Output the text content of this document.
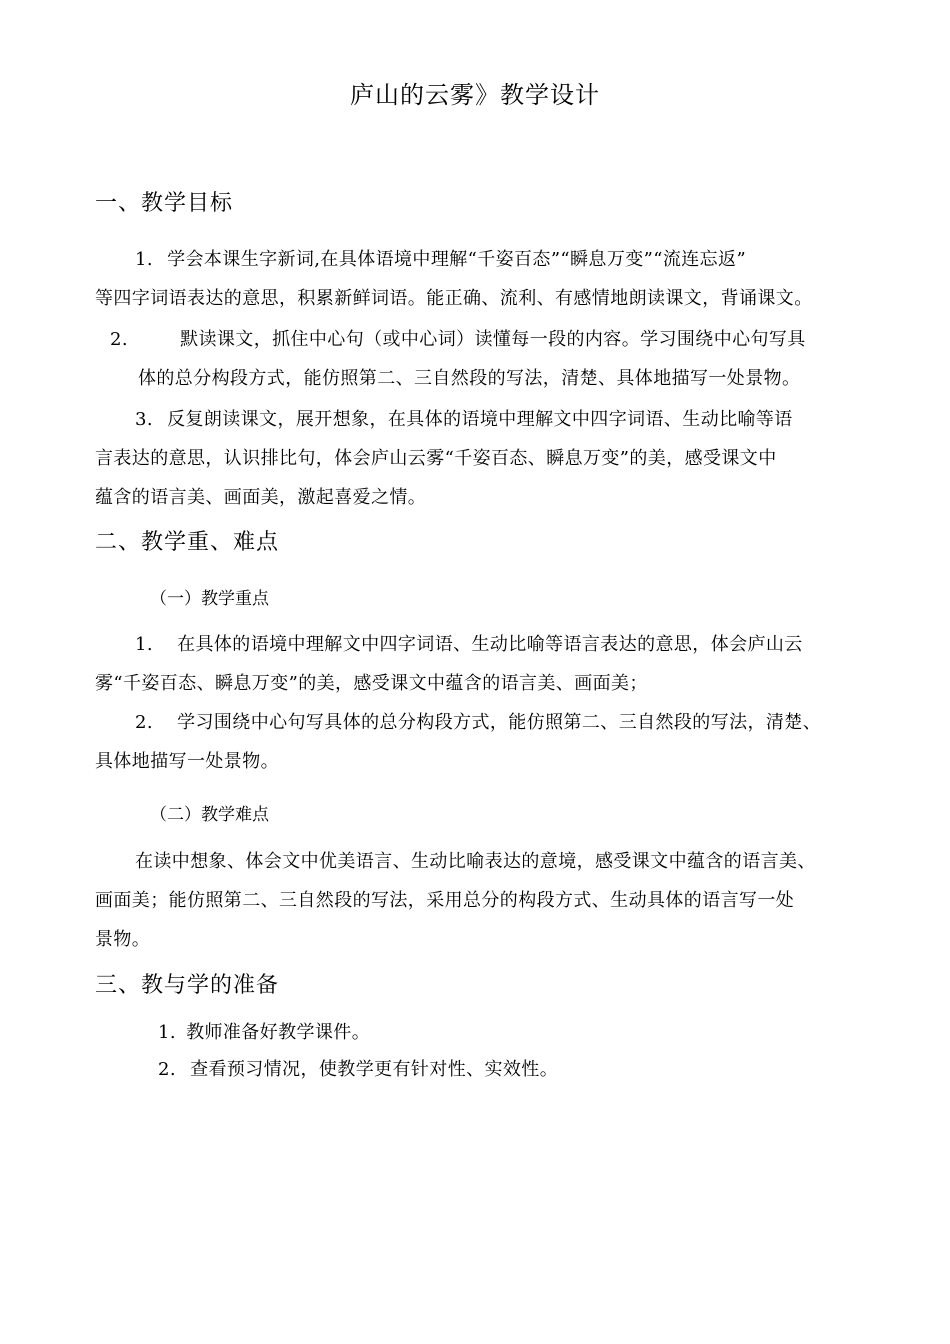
庐山的云雾》教学设计
一、教学目标
1. 学会本课生字新词,在具体语境中理解“千姿百态”“瞬息万变”“流连忘返”
等四字词语表达的意思，积累新鲜词语。能正确、流利、有感情地朗读课文，背诵课文。
2.	默读课文，抓住中心句（或中心词）读懂每一段的内容。学习围绕中心句写具
体的总分构段方式，能仿照第二、三自然段的写法，清楚、具体地描写一处景物。
3. 反复朗读课文，展开想象，在具体的语境中理解文中四字词语、生动比喻等语
言表达的意思，认识排比句，体会庐山云雾“千姿百态、瞬息万变”的美，感受课文中
蕴含的语言美、画面美，激起喜爱之情。
二、教学重、难点
（一）教学重点
1. 在具体的语境中理解文中四字词语、生动比喻等语言表达的意思，体会庐山云
雾“千姿百态、瞬息万变”的美，感受课文中蕴含的语言美、画面美；
2. 学习围绕中心句写具体的总分构段方式，能仿照第二、三自然段的写法，清楚、
具体地描写一处景物。
（二）教学难点
在读中想象、体会文中优美语言、生动比喻表达的意境，感受课文中蕴含的语言美、
画面美；能仿照第二、三自然段的写法，采用总分的构段方式、生动具体的语言写一处
景物。
三、教与学的准备
1. 教师准备好教学课件。
2. 查看预习情况，使教学更有针对性、实效性。
